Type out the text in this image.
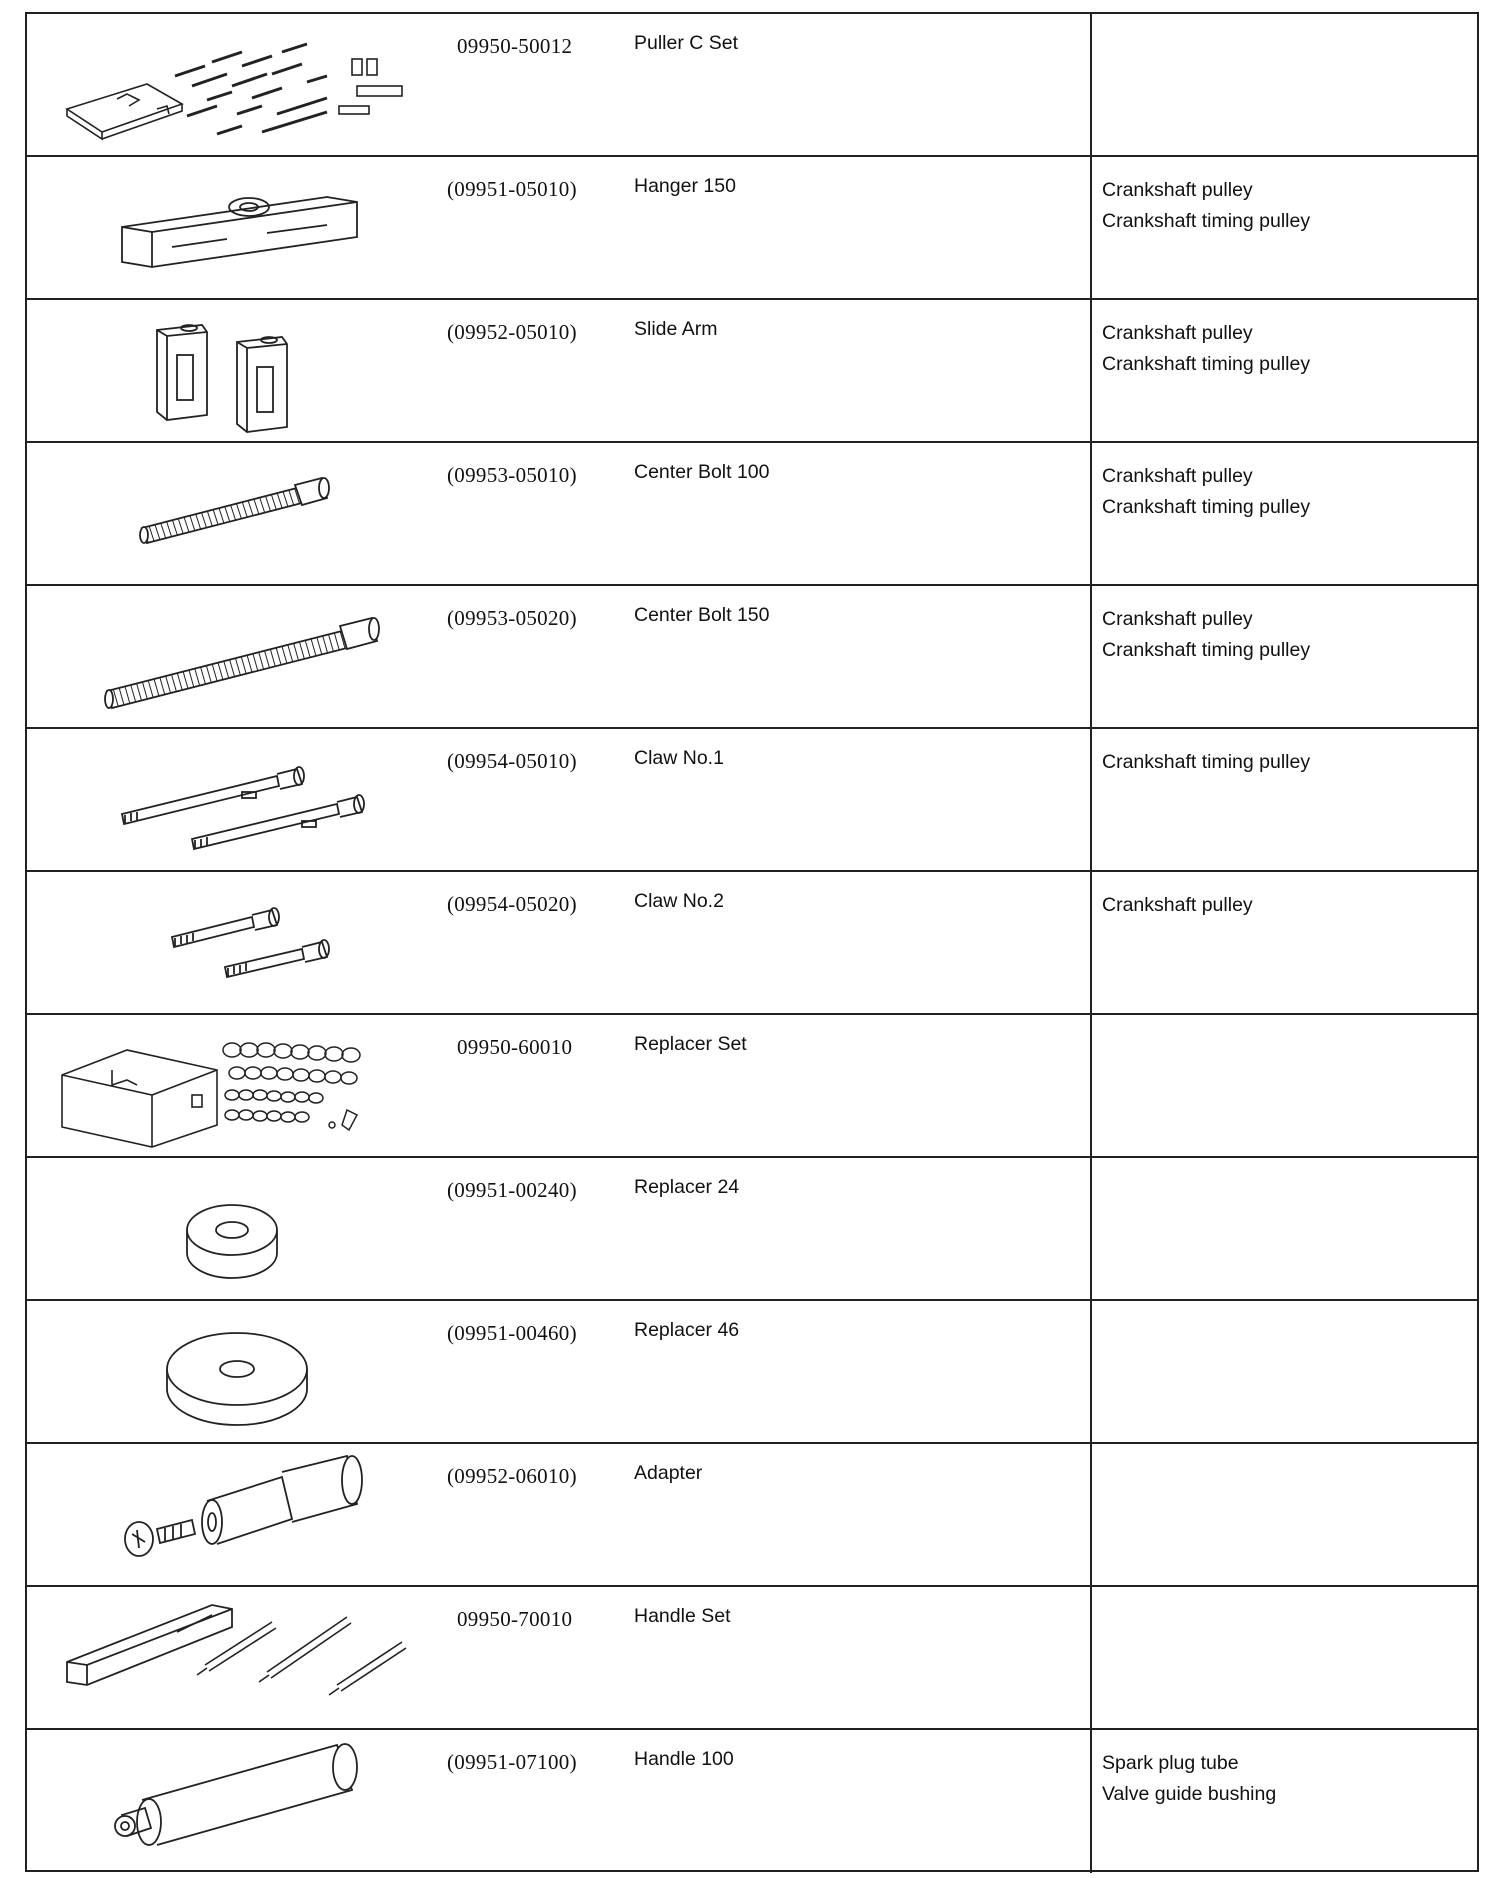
09950-50012	Puller C Set
(09951-05010)	Hanger 150	Crankshaft pulley
Crankshaft timing pulley
(09952-05010)	Slide Arm	Crankshaft pulley
Crankshaft timing pulley
(09953-05010)	Center Bolt 100	Crankshaft pulley
Crankshaft timing pulley
(09953-05020)	Center Bolt 150	Crankshaft pulley
Crankshaft timing pulley
(09954-05010)	Claw No.1	Crankshaft timing pulley
(09954-05020)	Claw No.2	Crankshaft pulley
09950-60010	Replacer Set
(09951-00240)	Replacer 24
(09951-00460)	Replacer 46
(09952-06010)	Adapter
09950-70010	Handle Set
(09951-07100)	Handle 100	Spark plug tube
Valve guide bushing
